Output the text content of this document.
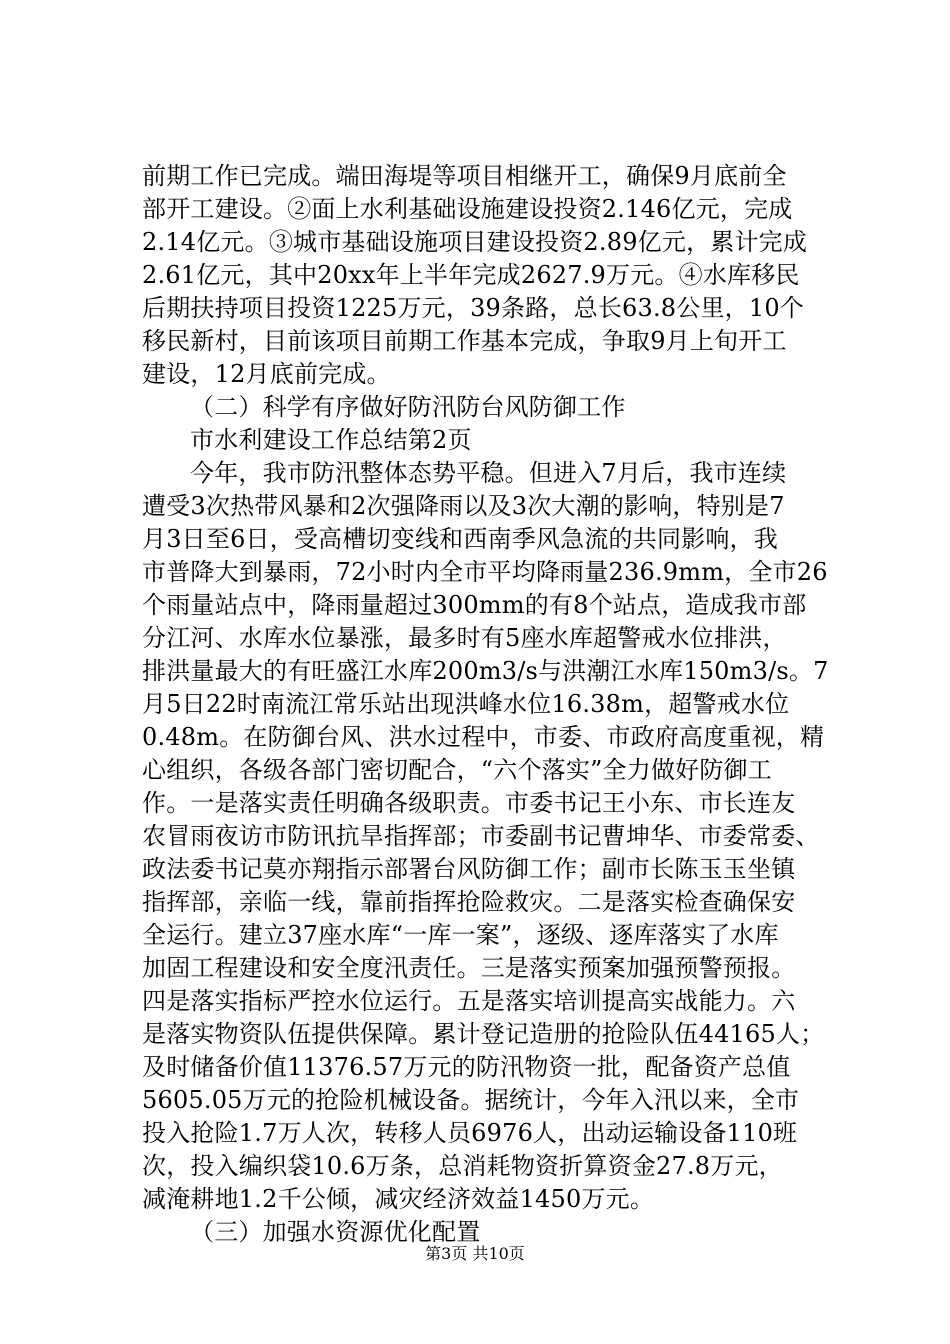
前期工作已完成。端田海堤等项目相继开工，确保9月底前全
部开工建设。②面上水利基础设施建设投资2.146亿元，完成
2.14亿元。③城市基础设施项目建设投资2.89亿元，累计完成
2.61亿元，其中20xx年上半年完成2627.9万元。④水库移民
后期扶持项目投资1225万元，39条路，总长63.8公里，10个
移民新村，目前该项目前期工作基本完成，争取9月上旬开工
建设，12月底前完成。
（二）科学有序做好防汛防台风防御工作
市水利建设工作总结第2页
今年，我市防汛整体态势平稳。但进入7月后，我市连续
遭受3次热带风暴和2次强降雨以及3次大潮的影响，特别是7
月3日至6日，受高槽切变线和西南季风急流的共同影响，我
市普降大到暴雨，72小时内全市平均降雨量236.9mm，全市26
个雨量站点中，降雨量超过300mm的有8个站点，造成我市部
分江河、水库水位暴涨，最多时有5座水库超警戒水位排洪，
排洪量最大的有旺盛江水库200m3/s与洪潮江水库150m3/s。7
月5日22时南流江常乐站出现洪峰水位16.38m，超警戒水位
0.48m。在防御台风、洪水过程中，市委、市政府高度重视，精
心组织，各级各部门密切配合，“六个落实”全力做好防御工
作。一是落实责任明确各级职责。市委书记王小东、市长连友
农冒雨夜访市防讯抗旱指挥部；市委副书记曹坤华、市委常委、
政法委书记莫亦翔指示部署台风防御工作；副市长陈玉玉坐镇
指挥部，亲临一线，靠前指挥抢险救灾。二是落实检查确保安
全运行。建立37座水库“一库一案”，逐级、逐库落实了水库
加固工程建设和安全度汛责任。三是落实预案加强预警预报。
四是落实指标严控水位运行。五是落实培训提高实战能力。六
是落实物资队伍提供保障。累计登记造册的抢险队伍44165人；
及时储备价值11376.57万元的防汛物资一批，配备资产总值
5605.05万元的抢险机械设备。据统计，今年入汛以来，全市
投入抢险1.7万人次，转移人员6976人，出动运输设备110班
次，投入编织袋10.6万条，总消耗物资折算资金27.8万元，
减淹耕地1.2千公倾，减灾经济效益1450万元。
（三）加强水资源优化配置
第3页 共10页
